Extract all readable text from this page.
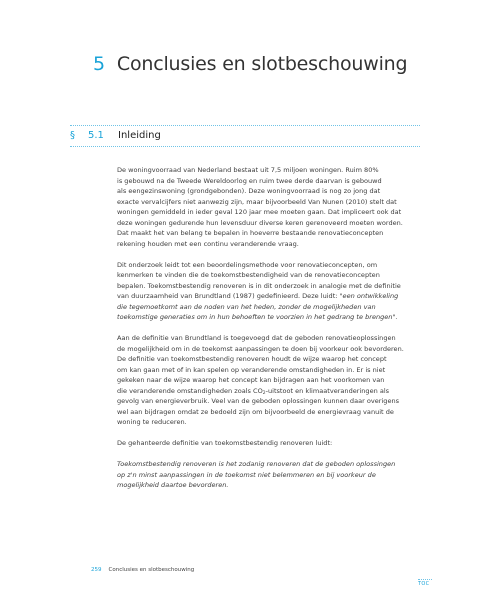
5 Conclusies en slotbeschouwing
§ 5.1 Inleiding

De woningvoorraad van Nederland bestaat uit 7,5 miljoen woningen. Ruim 80%
is gebouwd na de Tweede Wereldoorlog en ruim twee derde daarvan is gebouwd
als eengezinswoning (grondgebonden). Deze woningvoorraad is nog zo jong dat
exacte vervalcijfers niet aanwezig zijn, maar bijvoorbeeld Van Nunen (2010) stelt dat
woningen gemiddeld in ieder geval 120 jaar mee moeten gaan. Dat impliceert ook dat
deze woningen gedurende hun levensduur diverse keren gerenoveerd moeten worden.
Dat maakt het van belang te bepalen in hoeverre bestaande renovatieconcepten
rekening houden met een continu veranderende vraag.

Dit onderzoek leidt tot een beoordelingsmethode voor renovatieconcepten, om
kenmerken te vinden die de toekomstbestendigheid van de renovatieconcepten
bepalen. Toekomstbestendig renoveren is in dit onderzoek in analogie met de definitie
van duurzaamheid van Brundtland (1987) gedefinieerd. Deze luidt: "een ontwikkeling
die tegemoetkomt aan de noden van het heden, zonder de mogelijkheden van
toekomstige generaties om in hun behoeften te voorzien in het gedrang te brengen".

Aan de definitie van Brundtland is toegevoegd dat de geboden renovatieoplossingen
de mogelijkheid om in de toekomst aanpassingen te doen bij voorkeur ook bevorderen.
De definitie van toekomstbestendig renoveren houdt de wijze waarop het concept
om kan gaan met of in kan spelen op veranderende omstandigheden in. Er is niet
gekeken naar de wijze waarop het concept kan bijdragen aan het voorkomen van
die veranderende omstandigheden zoals $CO_2$-uitstoot en klimaatveranderingen als
gevolg van energieverbruik. Veel van de geboden oplossingen kunnen daar overigens
wel aan bijdragen omdat ze bedoeld zijn om bijvoorbeeld de energievraag vanuit de
woning te reduceren.

De gehanteerde definitie van toekomstbestendig renoveren luidt:

Toekomstbestendig renoveren is het zodanig renoveren dat de geboden oplossingen
op z'n minst aanpassingen in de toekomst niet belemmeren en bij voorkeur de
mogelijkheid daartoe bevorderen.

259 Conclusies en slotbeschouwing
TOC
